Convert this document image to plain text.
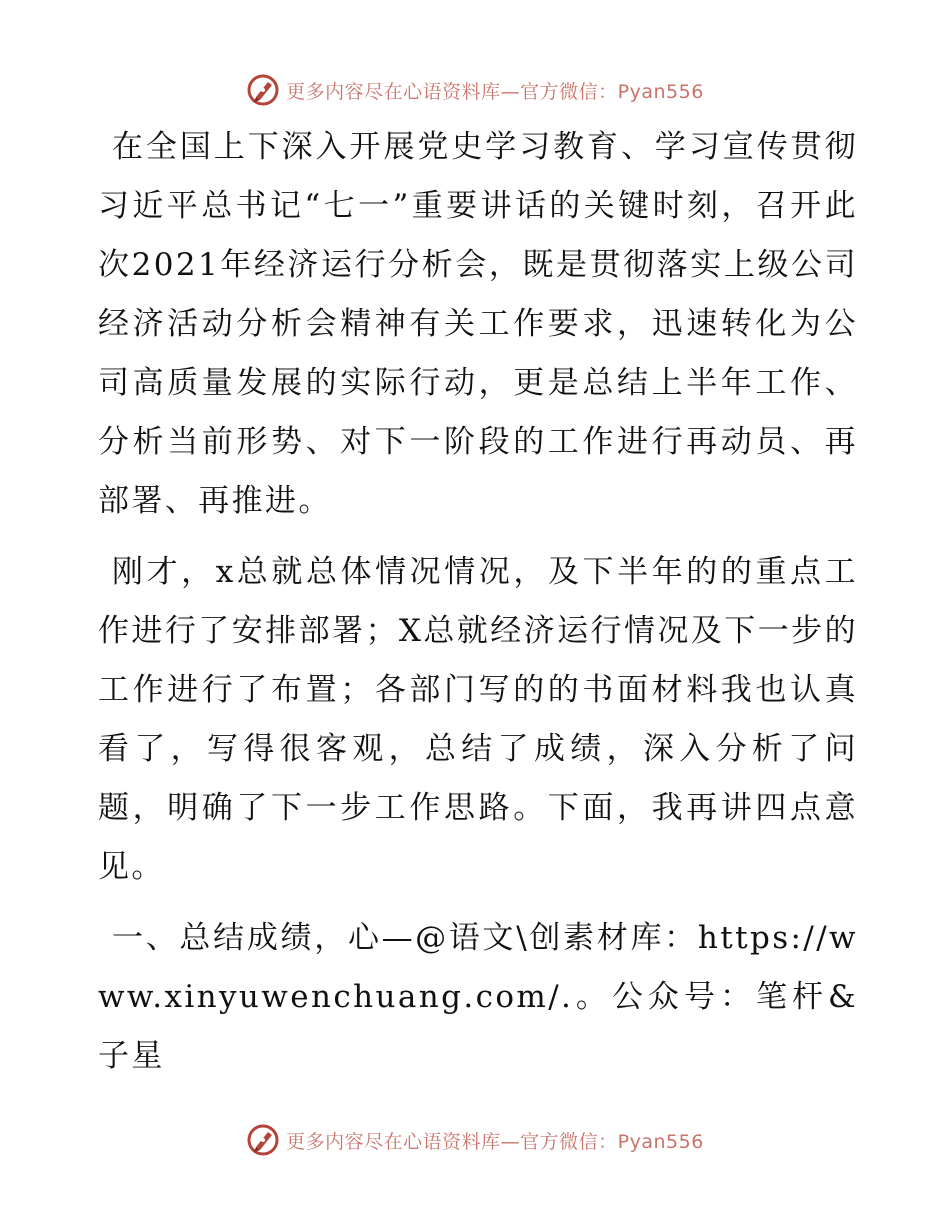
更多内容尽在心语资料库—官方微信：Pyan556

在全国上下深入开展党史学习教育、学习宣传贯彻习近平总书记“七一”重要讲话的关键时刻，召开此次2021年经济运行分析会，既是贯彻落实上级公司经济活动分析会精神有关工作要求，迅速转化为公司高质量发展的实际行动，更是总结上半年工作、分析当前形势、对下一阶段的工作进行再动员、再部署、再推进。

刚才，x总就总体情况情况，及下半年的的重点工作进行了安排部署；X总就经济运行情况及下一步的工作进行了布置；各部门写的的书面材料我也认真看了，写得很客观，总结了成绩，深入分析了问题，明确了下一步工作思路。下面，我再讲四点意见。

一、总结成绩，心—@语文\创素材库：https://www.xinyuwenchuang.com/.。公众号：笔杆&子星

更多内容尽在心语资料库—官方微信：Pyan556
